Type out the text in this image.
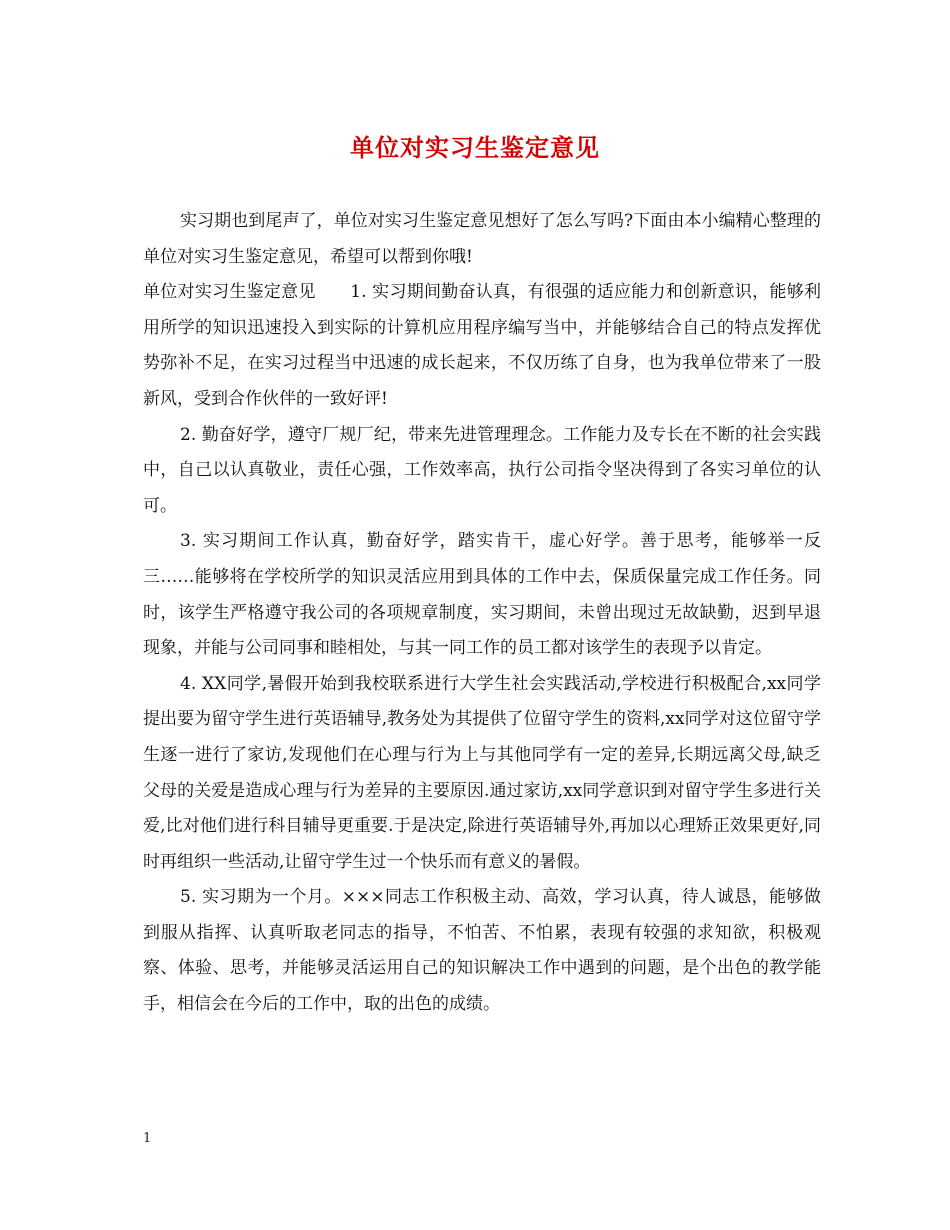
单位对实习生鉴定意见

实习期也到尾声了，单位对实习生鉴定意见想好了怎么写吗?下面由本小编精心整理的单位对实习生鉴定意见，希望可以帮到你哦!

单位对实习生鉴定意见　　1. 实习期间勤奋认真，有很强的适应能力和创新意识，能够利用所学的知识迅速投入到实际的计算机应用程序编写当中，并能够结合自己的特点发挥优势弥补不足，在实习过程当中迅速的成长起来，不仅历练了自身，也为我单位带来了一股新风，受到合作伙伴的一致好评!

2. 勤奋好学，遵守厂规厂纪，带来先进管理理念。工作能力及专长在不断的社会实践中，自己以认真敬业，责任心强，工作效率高，执行公司指令坚决得到了各实习单位的认可。

3. 实习期间工作认真，勤奋好学，踏实肯干，虚心好学。善于思考，能够举一反三……能够将在学校所学的知识灵活应用到具体的工作中去，保质保量完成工作任务。同时，该学生严格遵守我公司的各项规章制度，实习期间，未曾出现过无故缺勤，迟到早退现象，并能与公司同事和睦相处，与其一同工作的员工都对该学生的表现予以肯定。

4. XX同学,暑假开始到我校联系进行大学生社会实践活动,学校进行积极配合,xx同学提出要为留守学生进行英语辅导,教务处为其提供了位留守学生的资料,xx同学对这位留守学生逐一进行了家访,发现他们在心理与行为上与其他同学有一定的差异,长期远离父母,缺乏父母的关爱是造成心理与行为差异的主要原因.通过家访,xx同学意识到对留守学生多进行关爱,比对他们进行科目辅导更重要.于是决定,除进行英语辅导外,再加以心理矫正效果更好,同时再组织一些活动,让留守学生过一个快乐而有意义的暑假。

5. 实习期为一个月。×××同志工作积极主动、高效，学习认真，待人诚恳，能够做到服从指挥、认真听取老同志的指导，不怕苦、不怕累，表现有较强的求知欲，积极观察、体验、思考，并能够灵活运用自己的知识解决工作中遇到的问题，是个出色的教学能手，相信会在今后的工作中，取的出色的成绩。

1
